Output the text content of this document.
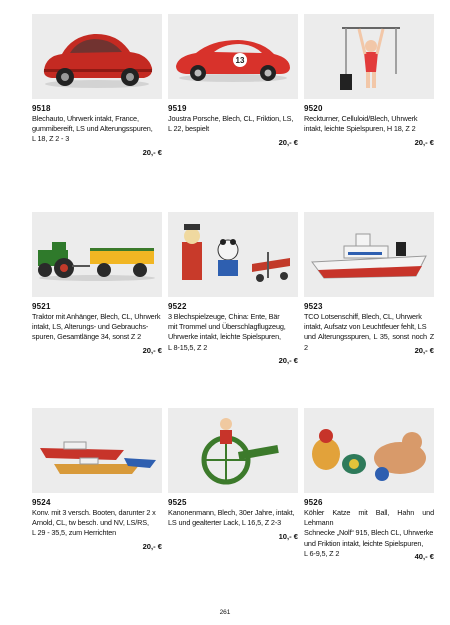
9518
Blechauto, Uhrwerk intakt, France,
gummibereift, LS und Alterungsspuren,
L 18, Z 2 - 3
20,- €
13
9519
Joustra Porsche, Blech, CL, Friktion, LS,
L 22, bespielt
20,- €
9520
Reckturner, Celluloid/Blech, Uhrwerk
intakt, leichte Spielspuren, H 18, Z 2
20,- €
9521
Traktor mit Anhänger, Blech, CL, Uhrwerk
intakt, LS, Alterungs- und Gebrauchs-
spuren, Gesamtlänge 34, sonst Z 2
20,- €
9522
3 Blechspielzeuge, China: Ente, Bär
mit Trommel und Überschlagflugzeug,
Uhrwerke intakt, leichte Spielspuren,
L 8-15,5, Z 2
20,- €
9523
TCO Lotsenschiff, Blech, CL, Uhrwerk
intakt, Aufsatz von Leuchtfeuer fehlt, LS
und Alterungsspuren, L 35, sonst noch Z 2	20,- €
9524
Konv. mit 3 versch. Booten, darunter 2 x
Arnold, CL, tw besch. und NV, LS/RS,
L 29 - 35,5, zum Herrichten
20,- €
9525
Kanonenmann, Blech, 30er Jahre, intakt,
LS und gealterter Lack, L 16,5, Z 2-3
10,- €
9526
Köhler Katze mit Ball, Hahn und Lehmann
Schnecke „Nolf“ 915, Blech CL, Uhrwerke
und Friktion intakt, leichte Spielspuren,
L 6-9,5, Z 2	40,- €
261
